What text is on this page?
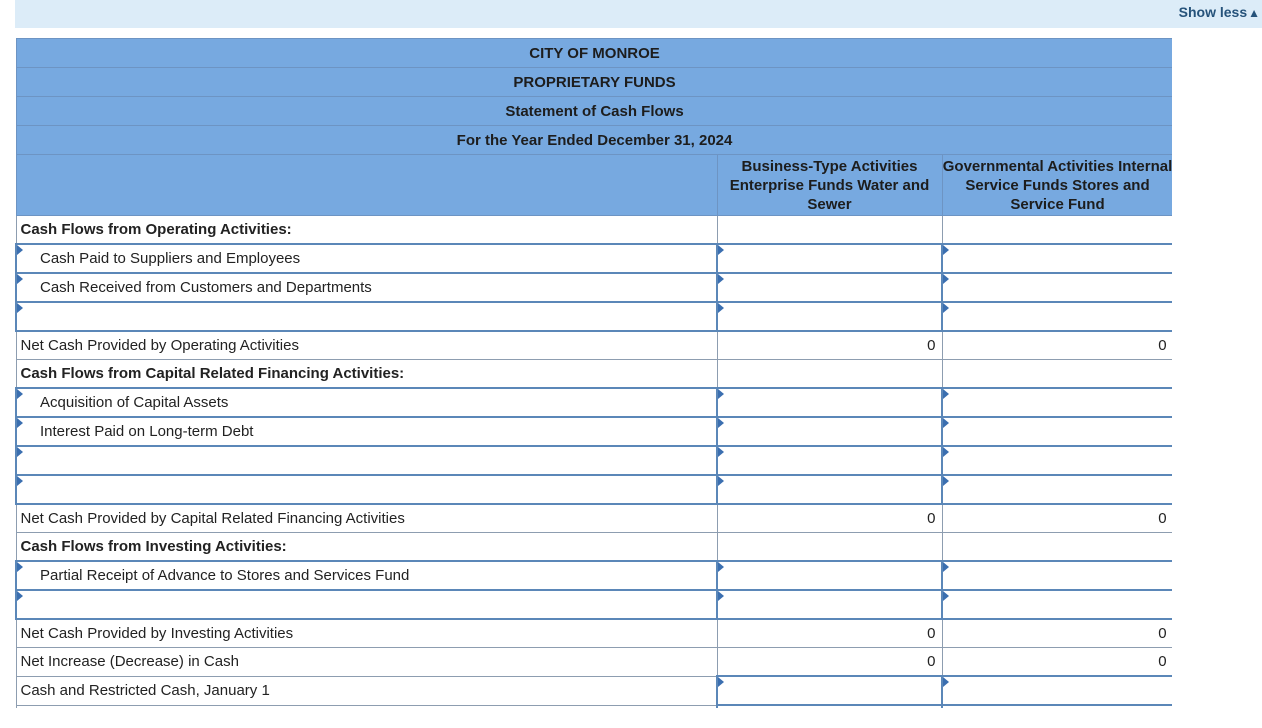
Show less▲
CITY OF MONROE		
PROPRIETARY FUNDS		
Statement of Cash Flows		
For the Year Ended December 31, 2024		
	Business-Type Activities Enterprise Funds Water and Sewer	Governmental Activities Internal Service Funds Stores and Service Fund
Cash Flows from Operating Activities:		

Cash Paid to Suppliers and Employees	

Cash Received from Customers and Departments	

Net Cash Provided by Operating Activities	0	0
Cash Flows from Capital Related Financing Activities:		

Acquisition of Capital Assets	

Interest Paid on Long-term Debt	

Net Cash Provided by Capital Related Financing Activities	0	0
Cash Flows from Investing Activities:		

Partial Receipt of Advance to Stores and Services Fund	

Net Cash Provided by Investing Activities	0	0
Net Increase (Decrease) in Cash	0	0
Cash and Restricted Cash, January 1	
